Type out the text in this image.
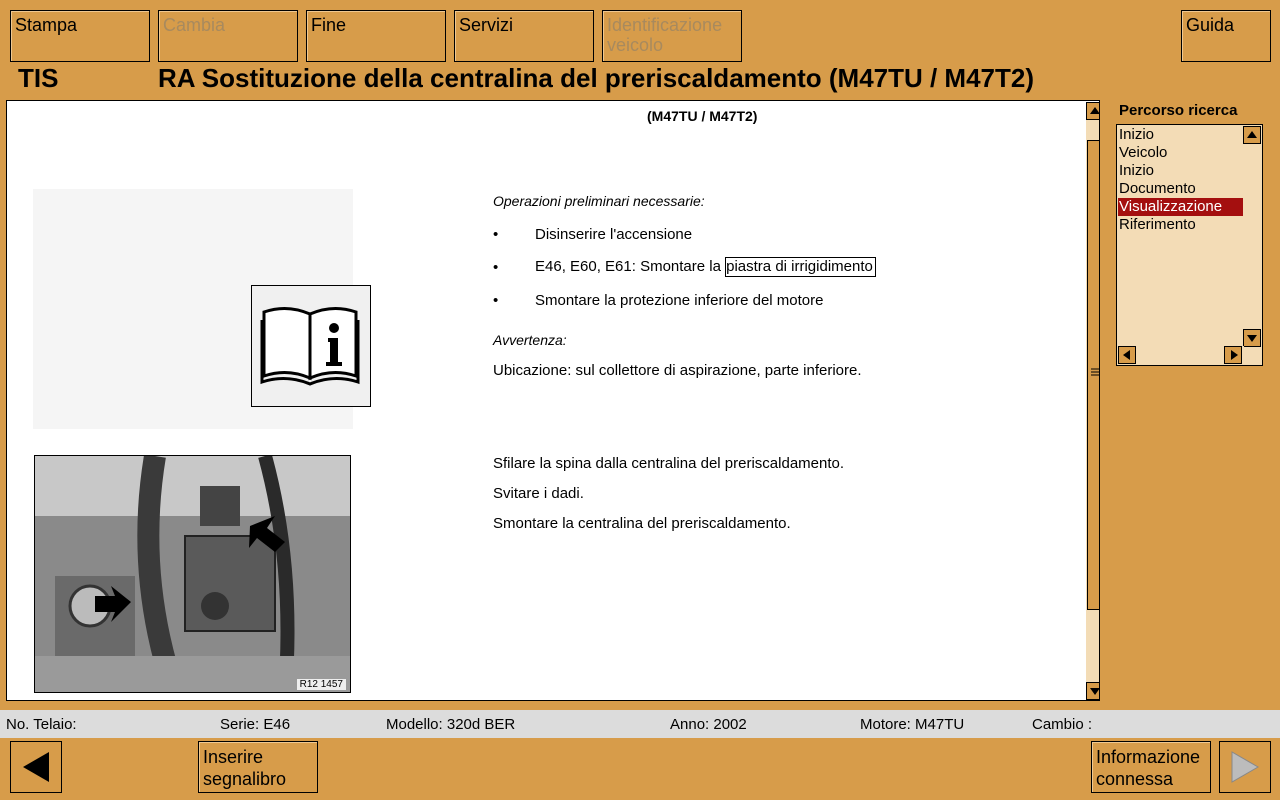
Stampa	Cambia	Fine	Servizi	Identificazione veicolo
Guida
TIS	RA Sostituzione della centralina del preriscaldamento (M47TU / M47T2)
(M47TU / M47T2)
R12 1457
Operazioni preliminari necessarie:
• Disinserire l'accensione
• E46, E60, E61: Smontare la piastra di irrigidimento
• Smontare la protezione inferiore del motore
Avvertenza:
Ubicazione: sul collettore di aspirazione, parte inferiore.
Sfilare la spina dalla centralina del preriscaldamento.
Svitare i dadi.
Smontare la centralina del preriscaldamento.
Percorso ricerca
Inizio
Veicolo
Inizio
Documento
Visualizzazione
Riferimento
No. Telaio:	Serie: E46	Modello: 320d BER	Anno: 2002	Motore: M47TU	Cambio :
Inserire segnalibro
Informazione connessa
